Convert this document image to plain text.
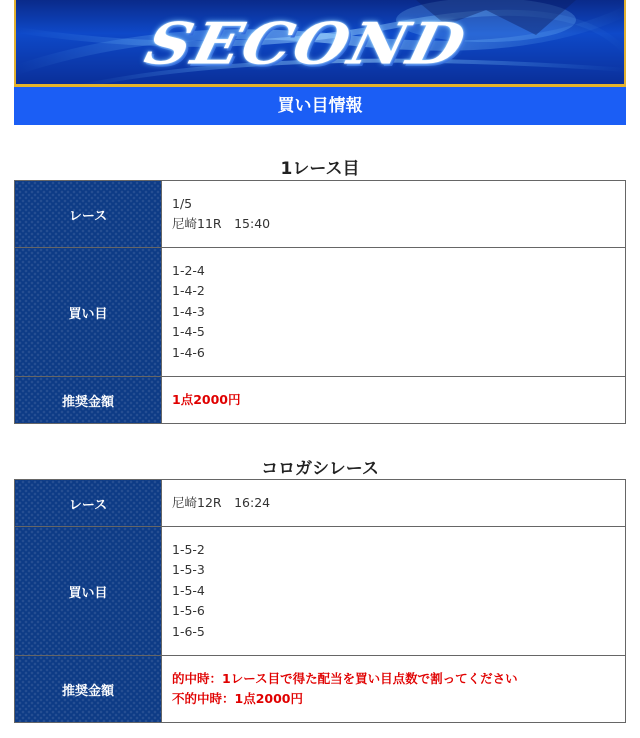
SECOND
買い目情報
1レース目
レース	1/5
尼崎11R　15:40

買い目	1-2-4
1-4-2
1-4-3
1-4-5
1-4-6

推奨金額	1点2000円
コロガシレース
レース	尼崎12R　16:24

買い目	1-5-2
1-5-3
1-5-4
1-5-6
1-6-5

推奨金額	的中時：1レース目で得た配当を買い目点数で割ってください
不的中時：1点2000円
